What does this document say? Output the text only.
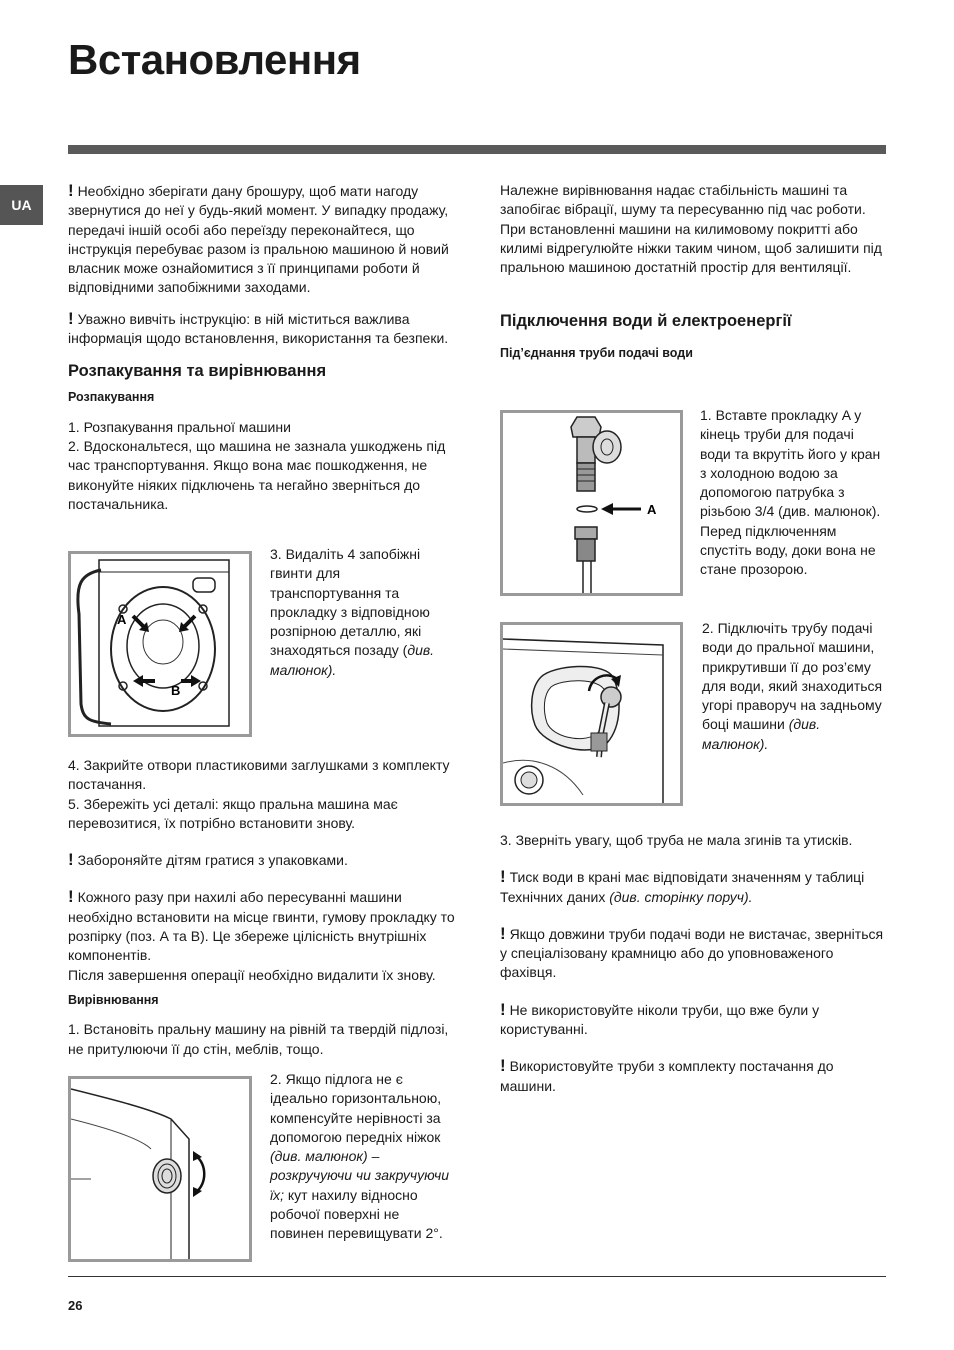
Встановлення
UA

! Необхідно зберігати дану брошуру, щоб мати нагоду звернутися до неї у будь-який момент. У випадку продажу, передачі іншій особі або переїзду переконайтеся, що інструкція перебуває разом із пральною машиною й новий власник може ознайомитися з її принципами роботи й відповідними запобіжними заходами.

! Уважно вивчіть інструкцію: в ній міститься важлива інформація щодо встановлення, використання та безпеки.

Розпакування та вирівнювання

Розпакування

1. Розпакування пральної машини

2. Вдоскональтеся, що машина не зазнала ушкоджень під час транспортування. Якщо вона має пошкодження, не виконуйте ніяких підключень та негайно зверніться до постачальника.

A
B

3. Видаліть 4 запобіжні гвинти для транспортування та прокладку з відповідною розпірною деталлю, які знаходяться позаду (див. малюнок).

4. Закрийте отвори пластиковими заглушками з комплекту постачання.

5. Збережіть усі деталі: якщо пральна машина має перевозитися, їх потрібно встановити знову.

! Забороняйте дітям гратися з упаковками.

! Кожного разу при нахилі або пересуванні машини необхідно встановити на місце гвинти, гумову прокладку то розпірку (поз. А та B). Це збереже цілісність внутрішніх компонентів.

Після завершення операції необхідно видалити їх знову.

Вирівнювання

1. Встановіть пральну машину на рівній та твердій підлозі, не притулюючи її до стін, меблів, тощо.

2. Якщо підлога не є ідеально горизонтальною, компенсуйте нерівності за допомогою передніх ніжок (див. малюнок) – розкручуючи чи закручуючи їх; кут нахилу відносно робочої поверхні не повинен перевищувати 2°.

Належне вирівнювання надає стабільність машині та запобігає вібрації, шуму та пересуванню під час роботи. При встановленні машини на килимовому покритті або килимі відрегулюйте ніжки таким чином, щоб залишити під пральною машиною достатній простір для вентиляції.

Підключення води й електроенергії

Під’єднання труби подачі води

A

1. Вставте прокладку A у кінець труби для подачі води та вкрутіть його у кран з холодною водою за допомогою патрубка з різьбою 3/4 (див. малюнок).

Перед підключенням спустіть воду, доки вона не стане прозорою.

2. Підключіть трубу подачі води до пральної машини, прикрутивши її до роз’єму для води, який знаходиться угорі праворуч на задньому боці машини (див. малюнок).

3. Зверніть увагу, щоб труба не мала згинів та утисків.

! Тиск води в крані має відповідати значенням у таблиці Технічних даних (див. сторінку поруч).

! Якщо довжини труби подачі води не вистачає, зверніться у спеціалізовану крамницю або до уповноваженого фахівця.

! Не використовуйте ніколи труби, що вже були у користуванні.

! Використовуйте труби з комплекту постачання до машини.

26
